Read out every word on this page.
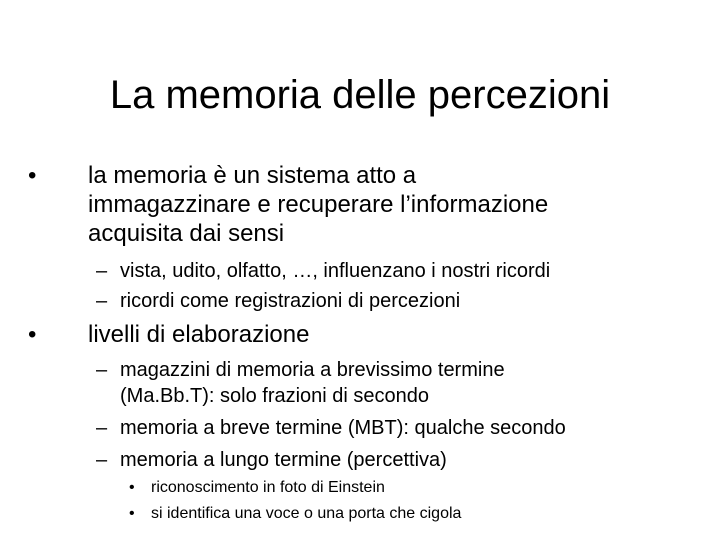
La memoria delle percezioni
• la memoria è un sistema atto a
immagazzinare e recuperare l’informazione
acquisita dai sensi
– vista, udito, olfatto, …, influenzano i nostri ricordi
– ricordi come registrazioni di percezioni
• livelli di elaborazione
– magazzini di memoria a brevissimo termine
(Ma.Bb.T): solo frazioni di secondo
– memoria a breve termine (MBT): qualche secondo
– memoria a lungo termine (percettiva)
• riconoscimento in foto di Einstein
• si identifica una voce o una porta che cigola
